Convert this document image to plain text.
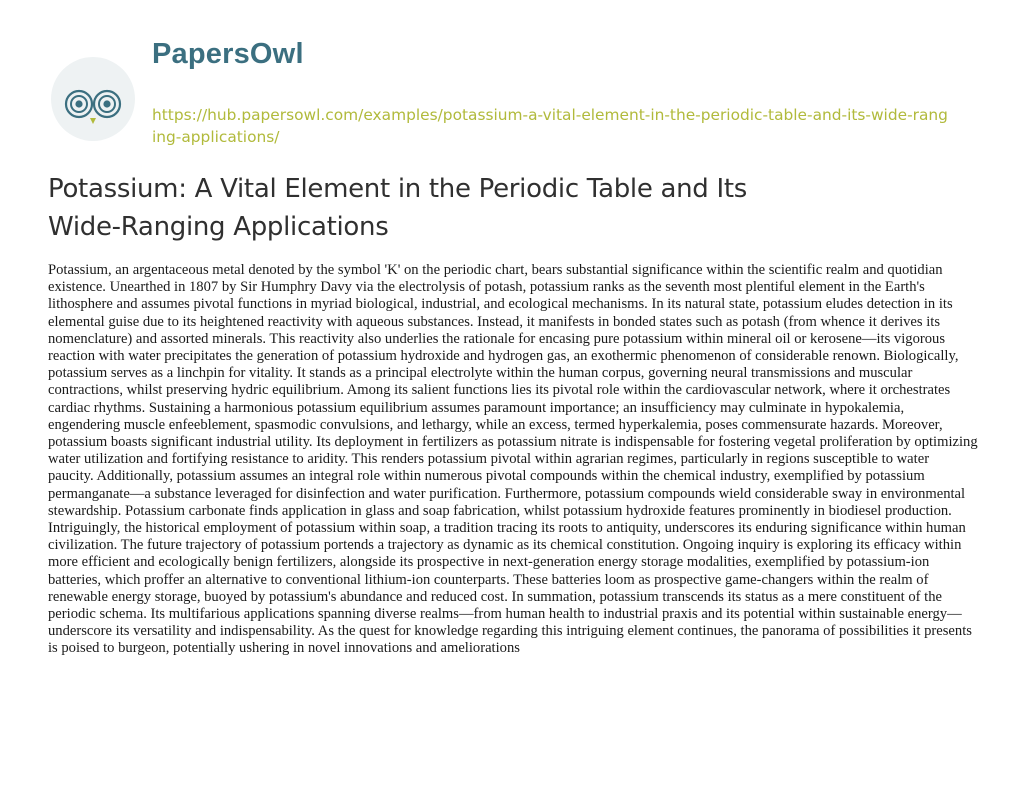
PapersOwl
https://hub.papersowl.com/examples/potassium-a-vital-element-in-the-periodic-table-and-its-wide-ranging-applications/
Potassium: A Vital Element in the Periodic Table and Its Wide-Ranging Applications

Potassium, an argentaceous metal denoted by the symbol 'K' on the periodic chart, bears substantial significance within the scientific realm and quotidian existence. Unearthed in 1807 by Sir Humphry Davy via the electrolysis of potash, potassium ranks as the seventh most plentiful element in the Earth's lithosphere and assumes pivotal functions in myriad biological, industrial, and ecological mechanisms. In its natural state, potassium eludes detection in its elemental guise due to its heightened reactivity with aqueous substances. Instead, it manifests in bonded states such as potash (from whence it derives its nomenclature) and assorted minerals. This reactivity also underlies the rationale for encasing pure potassium within mineral oil or kerosene—its vigorous reaction with water precipitates the generation of potassium hydroxide and hydrogen gas, an exothermic phenomenon of considerable renown. Biologically, potassium serves as a linchpin for vitality. It stands as a principal electrolyte within the human corpus, governing neural transmissions and muscular contractions, whilst preserving hydric equilibrium. Among its salient functions lies its pivotal role within the cardiovascular network, where it orchestrates cardiac rhythms. Sustaining a harmonious potassium equilibrium assumes paramount importance; an insufficiency may culminate in hypokalemia, engendering muscle enfeeblement, spasmodic convulsions, and lethargy, while an excess, termed hyperkalemia, poses commensurate hazards. Moreover, potassium boasts significant industrial utility. Its deployment in fertilizers as potassium nitrate is indispensable for fostering vegetal proliferation by optimizing water utilization and fortifying resistance to aridity. This renders potassium pivotal within agrarian regimes, particularly in regions susceptible to water paucity. Additionally, potassium assumes an integral role within numerous pivotal compounds within the chemical industry, exemplified by potassium permanganate—a substance leveraged for disinfection and water purification. Furthermore, potassium compounds wield considerable sway in environmental stewardship. Potassium carbonate finds application in glass and soap fabrication, whilst potassium hydroxide features prominently in biodiesel production. Intriguingly, the historical employment of potassium within soap, a tradition tracing its roots to antiquity, underscores its enduring significance within human civilization. The future trajectory of potassium portends a trajectory as dynamic as its chemical constitution. Ongoing inquiry is exploring its efficacy within more efficient and ecologically benign fertilizers, alongside its prospective in next-generation energy storage modalities, exemplified by potassium-ion batteries, which proffer an alternative to conventional lithium-ion counterparts. These batteries loom as prospective game-changers within the realm of renewable energy storage, buoyed by potassium's abundance and reduced cost. In summation, potassium transcends its status as a mere constituent of the periodic schema. Its multifarious applications spanning diverse realms—from human health to industrial praxis and its potential within sustainable energy—underscore its versatility and indispensability. As the quest for knowledge regarding this intriguing element continues, the panorama of possibilities it presents is poised to burgeon, potentially ushering in novel innovations and ameliorations
